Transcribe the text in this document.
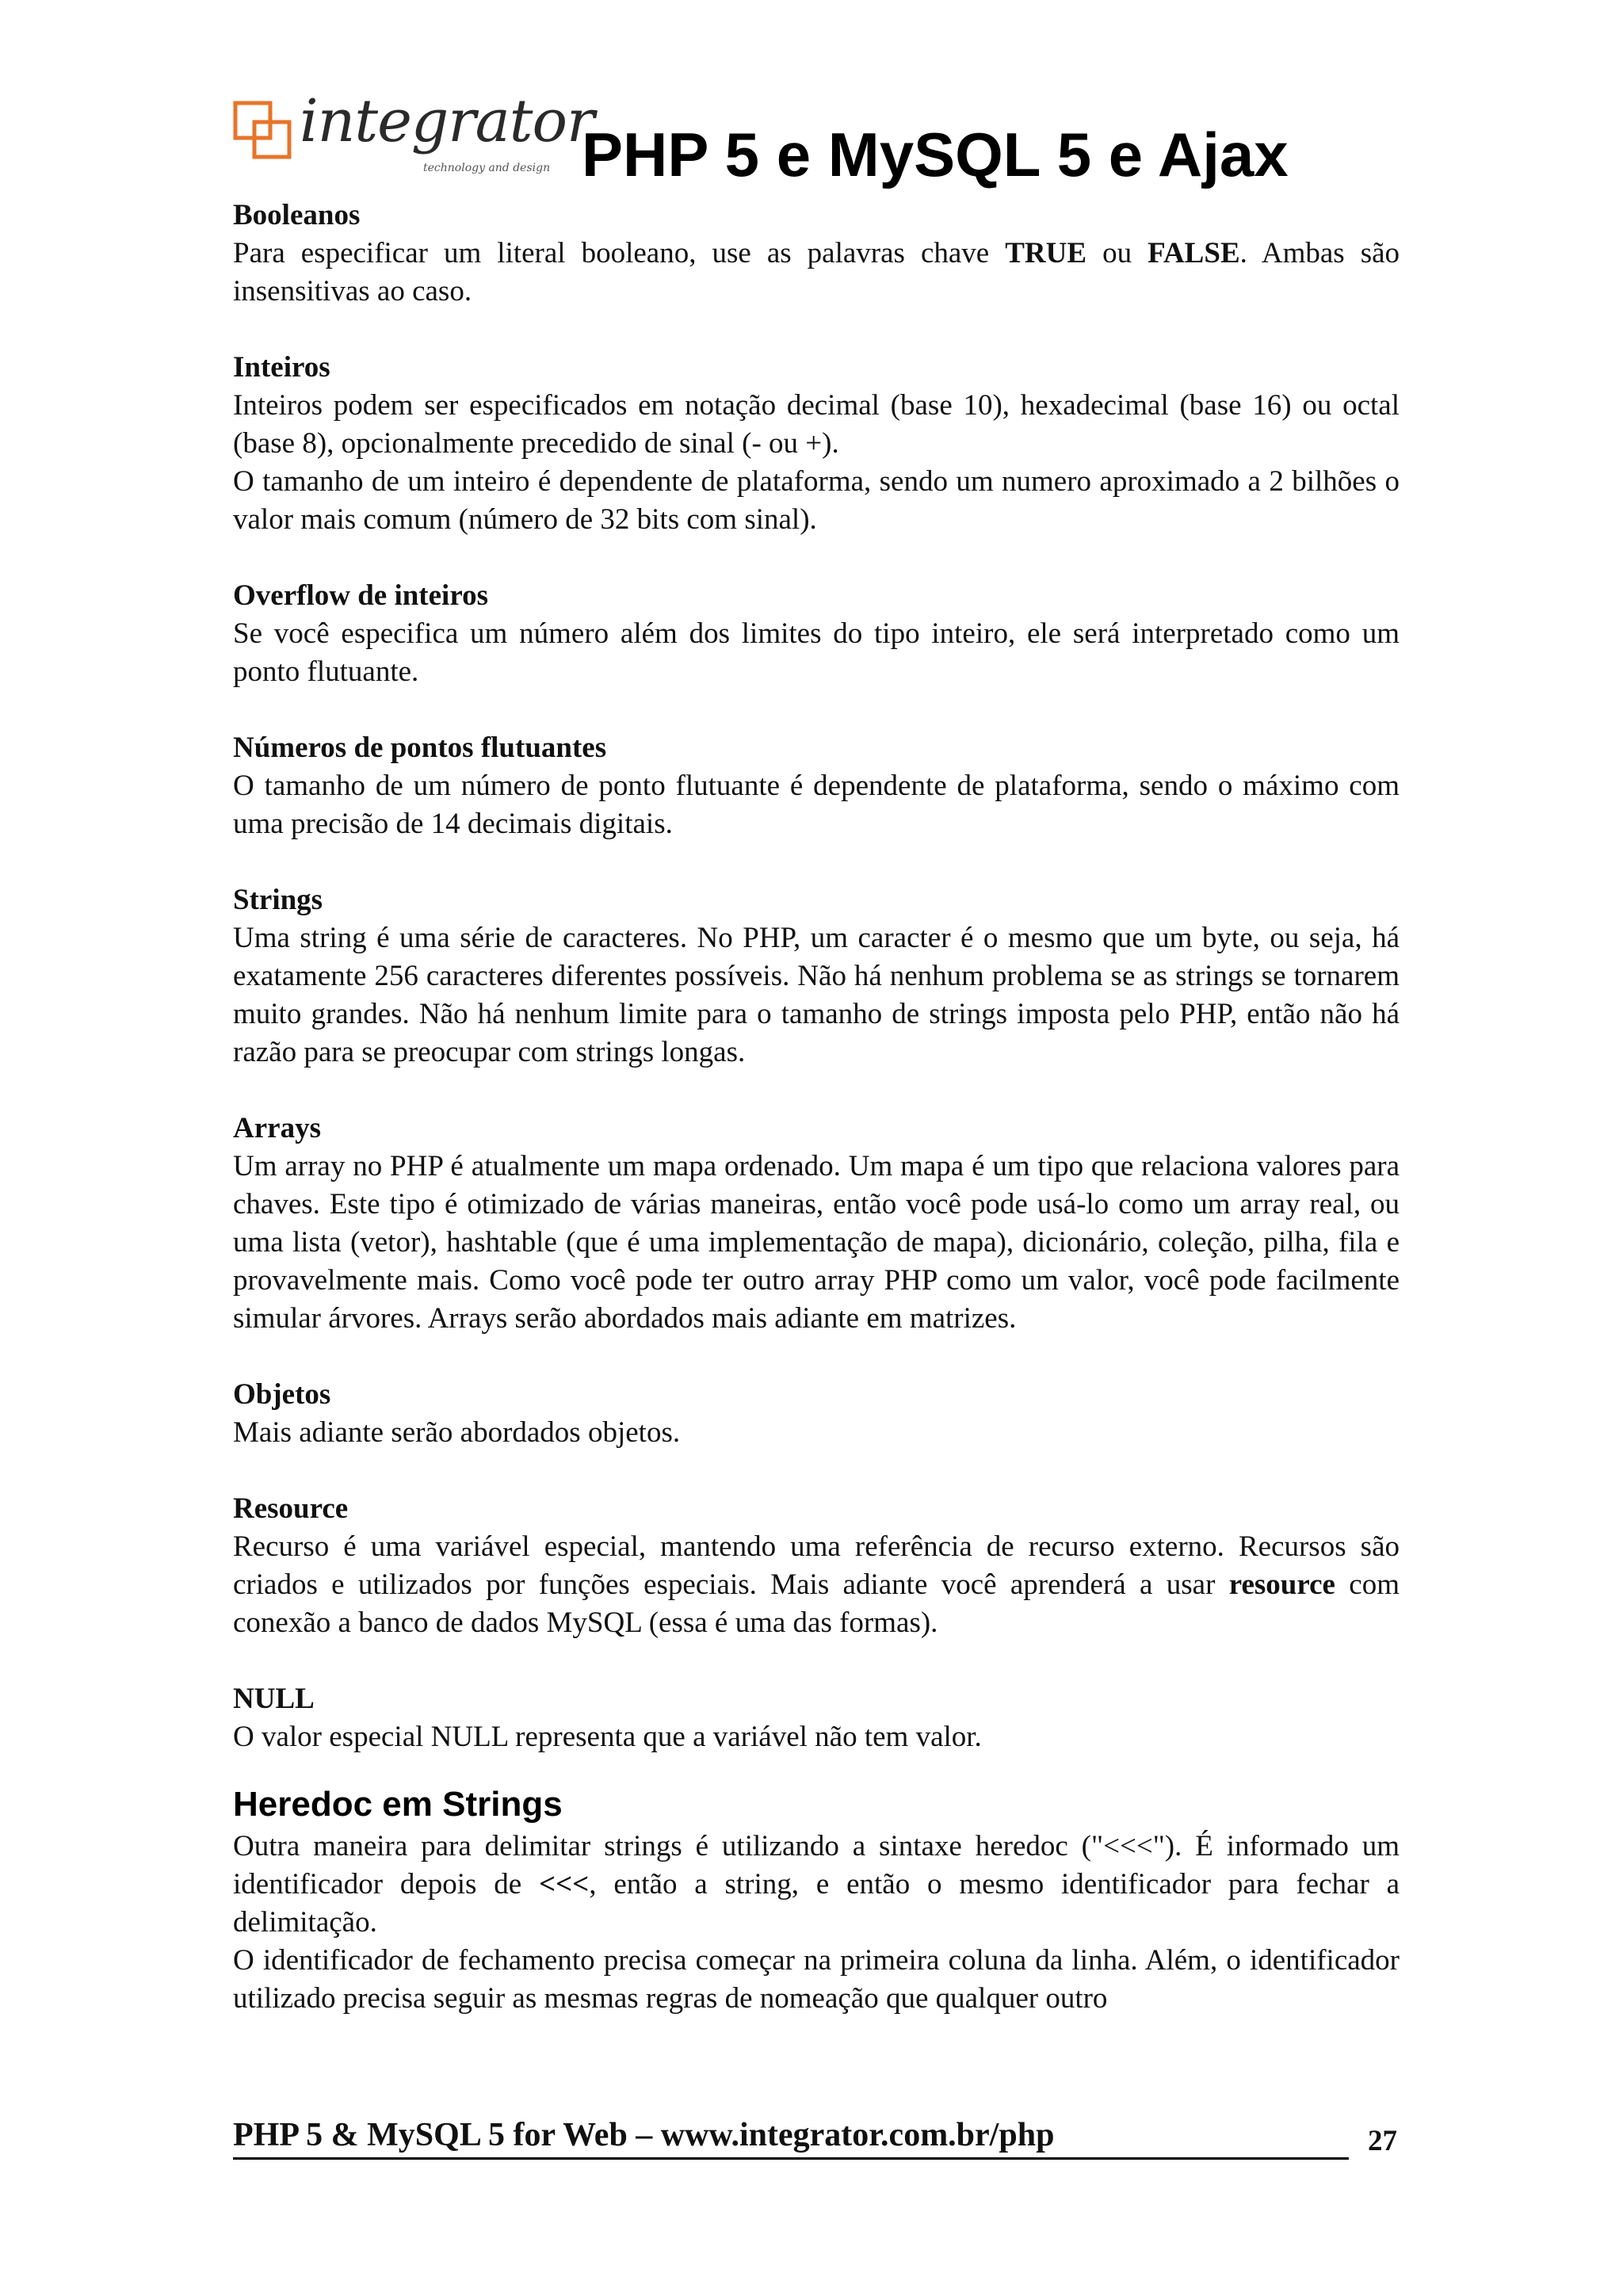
integrator
technology and design PHP 5 e MySQL 5 e Ajax
Booleanos

Para especificar um literal booleano, use as palavras chave TRUE ou FALSE. Ambas são insensitivas ao caso.

Inteiros

Inteiros podem ser especificados em notação decimal (base 10), hexadecimal (base 16) ou octal (base 8), opcionalmente precedido de sinal (- ou +).

O tamanho de um inteiro é dependente de plataforma, sendo um numero aproximado a 2 bilhões o valor mais comum (número de 32 bits com sinal).

Overflow de inteiros

Se você especifica um número além dos limites do tipo inteiro, ele será interpretado como um ponto flutuante.

Números de pontos flutuantes

O tamanho de um número de ponto flutuante é dependente de plataforma, sendo o máximo com uma precisão de 14 decimais digitais.

Strings

Uma string é uma série de caracteres. No PHP, um caracter é o mesmo que um byte, ou seja, há exatamente 256 caracteres diferentes possíveis. Não há nenhum problema se as strings se tornarem muito grandes. Não há nenhum limite para o tamanho de strings imposta pelo PHP, então não há razão para se preocupar com strings longas.

Arrays

Um array no PHP é atualmente um mapa ordenado. Um mapa é um tipo que relaciona valores para chaves. Este tipo é otimizado de várias maneiras, então você pode usá-lo como um array real, ou uma lista (vetor), hashtable (que é uma implementação de mapa), dicionário, coleção, pilha, fila e provavelmente mais. Como você pode ter outro array PHP como um valor, você pode facilmente simular árvores. Arrays serão abordados mais adiante em matrizes.

Objetos

Mais adiante serão abordados objetos.

Resource

Recurso é uma variável especial, mantendo uma referência de recurso externo. Recursos são criados e utilizados por funções especiais. Mais adiante você aprenderá a usar resource com conexão a banco de dados MySQL (essa é uma das formas).

NULL

O valor especial NULL representa que a variável não tem valor.

Heredoc em Strings

Outra maneira para delimitar strings é utilizando a sintaxe heredoc ("<<<"). É informado um identificador depois de <<<, então a string, e então o mesmo identificador para fechar a delimitação.

O identificador de fechamento precisa começar na primeira coluna da linha. Além, o identificador utilizado precisa seguir as mesmas regras de nomeação que qualquer outro

PHP 5 & MySQL 5 for Web – www.integrator.com.br/php	27
